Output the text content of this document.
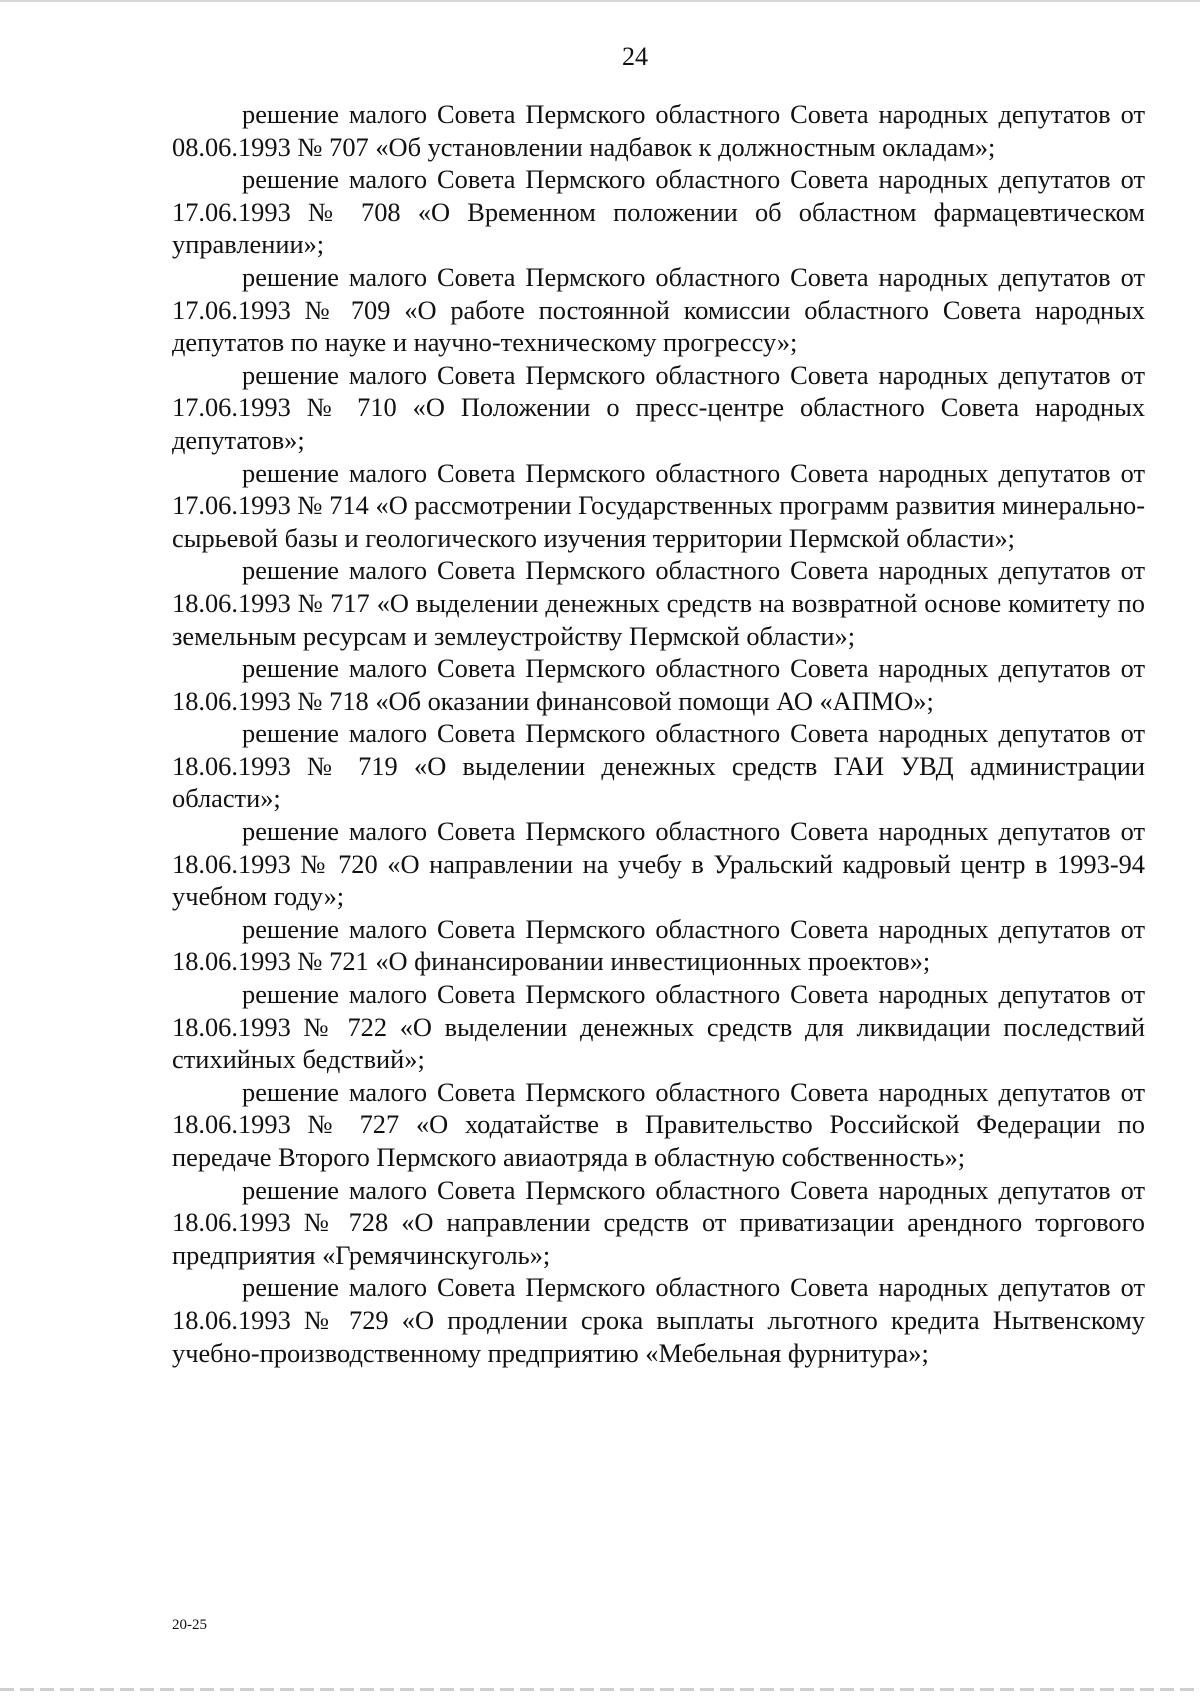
24

решение малого Совета Пермского областного Совета народных депутатов от 08.06.1993 № 707 «Об установлении надбавок к должностным окладам»;

решение малого Совета Пермского областного Совета народных депутатов от 17.06.1993 № 708 «О Временном положении об областном фармацевтическом управлении»;

решение малого Совета Пермского областного Совета народных депутатов от 17.06.1993 № 709 «О работе постоянной комиссии областного Совета народных депутатов по науке и научно-техническому прогрессу»;

решение малого Совета Пермского областного Совета народных депутатов от 17.06.1993 № 710 «О Положении о пресс-центре областного Совета народных депутатов»;

решение малого Совета Пермского областного Совета народных депутатов от 17.06.1993 № 714 «О рассмотрении Государственных программ развития минерально-сырьевой базы и геологического изучения территории Пермской области»;

решение малого Совета Пермского областного Совета народных депутатов от 18.06.1993 № 717 «О выделении денежных средств на возвратной основе комитету по земельным ресурсам и землеустройству Пермской области»;

решение малого Совета Пермского областного Совета народных депутатов от 18.06.1993 № 718 «Об оказании финансовой помощи АО «АПМО»;

решение малого Совета Пермского областного Совета народных депутатов от 18.06.1993 № 719 «О выделении денежных средств ГАИ УВД администрации области»;

решение малого Совета Пермского областного Совета народных депутатов от 18.06.1993 № 720 «О направлении на учебу в Уральский кадровый центр в 1993-94 учебном году»;

решение малого Совета Пермского областного Совета народных депутатов от 18.06.1993 № 721 «О финансировании инвестиционных проектов»;

решение малого Совета Пермского областного Совета народных депутатов от 18.06.1993 № 722 «О выделении денежных средств для ликвидации последствий стихийных бедствий»;

решение малого Совета Пермского областного Совета народных депутатов от 18.06.1993 № 727 «О ходатайстве в Правительство Российской Федерации по передаче Второго Пермского авиаотряда в областную собственность»;

решение малого Совета Пермского областного Совета народных депутатов от 18.06.1993 № 728 «О направлении средств от приватизации арендного торгового предприятия «Гремячинскуголь»;

решение малого Совета Пермского областного Совета народных депутатов от 18.06.1993 № 729 «О продлении срока выплаты льготного кредита Нытвенскому учебно-производственному предприятию «Мебельная фурнитура»;

20-25
